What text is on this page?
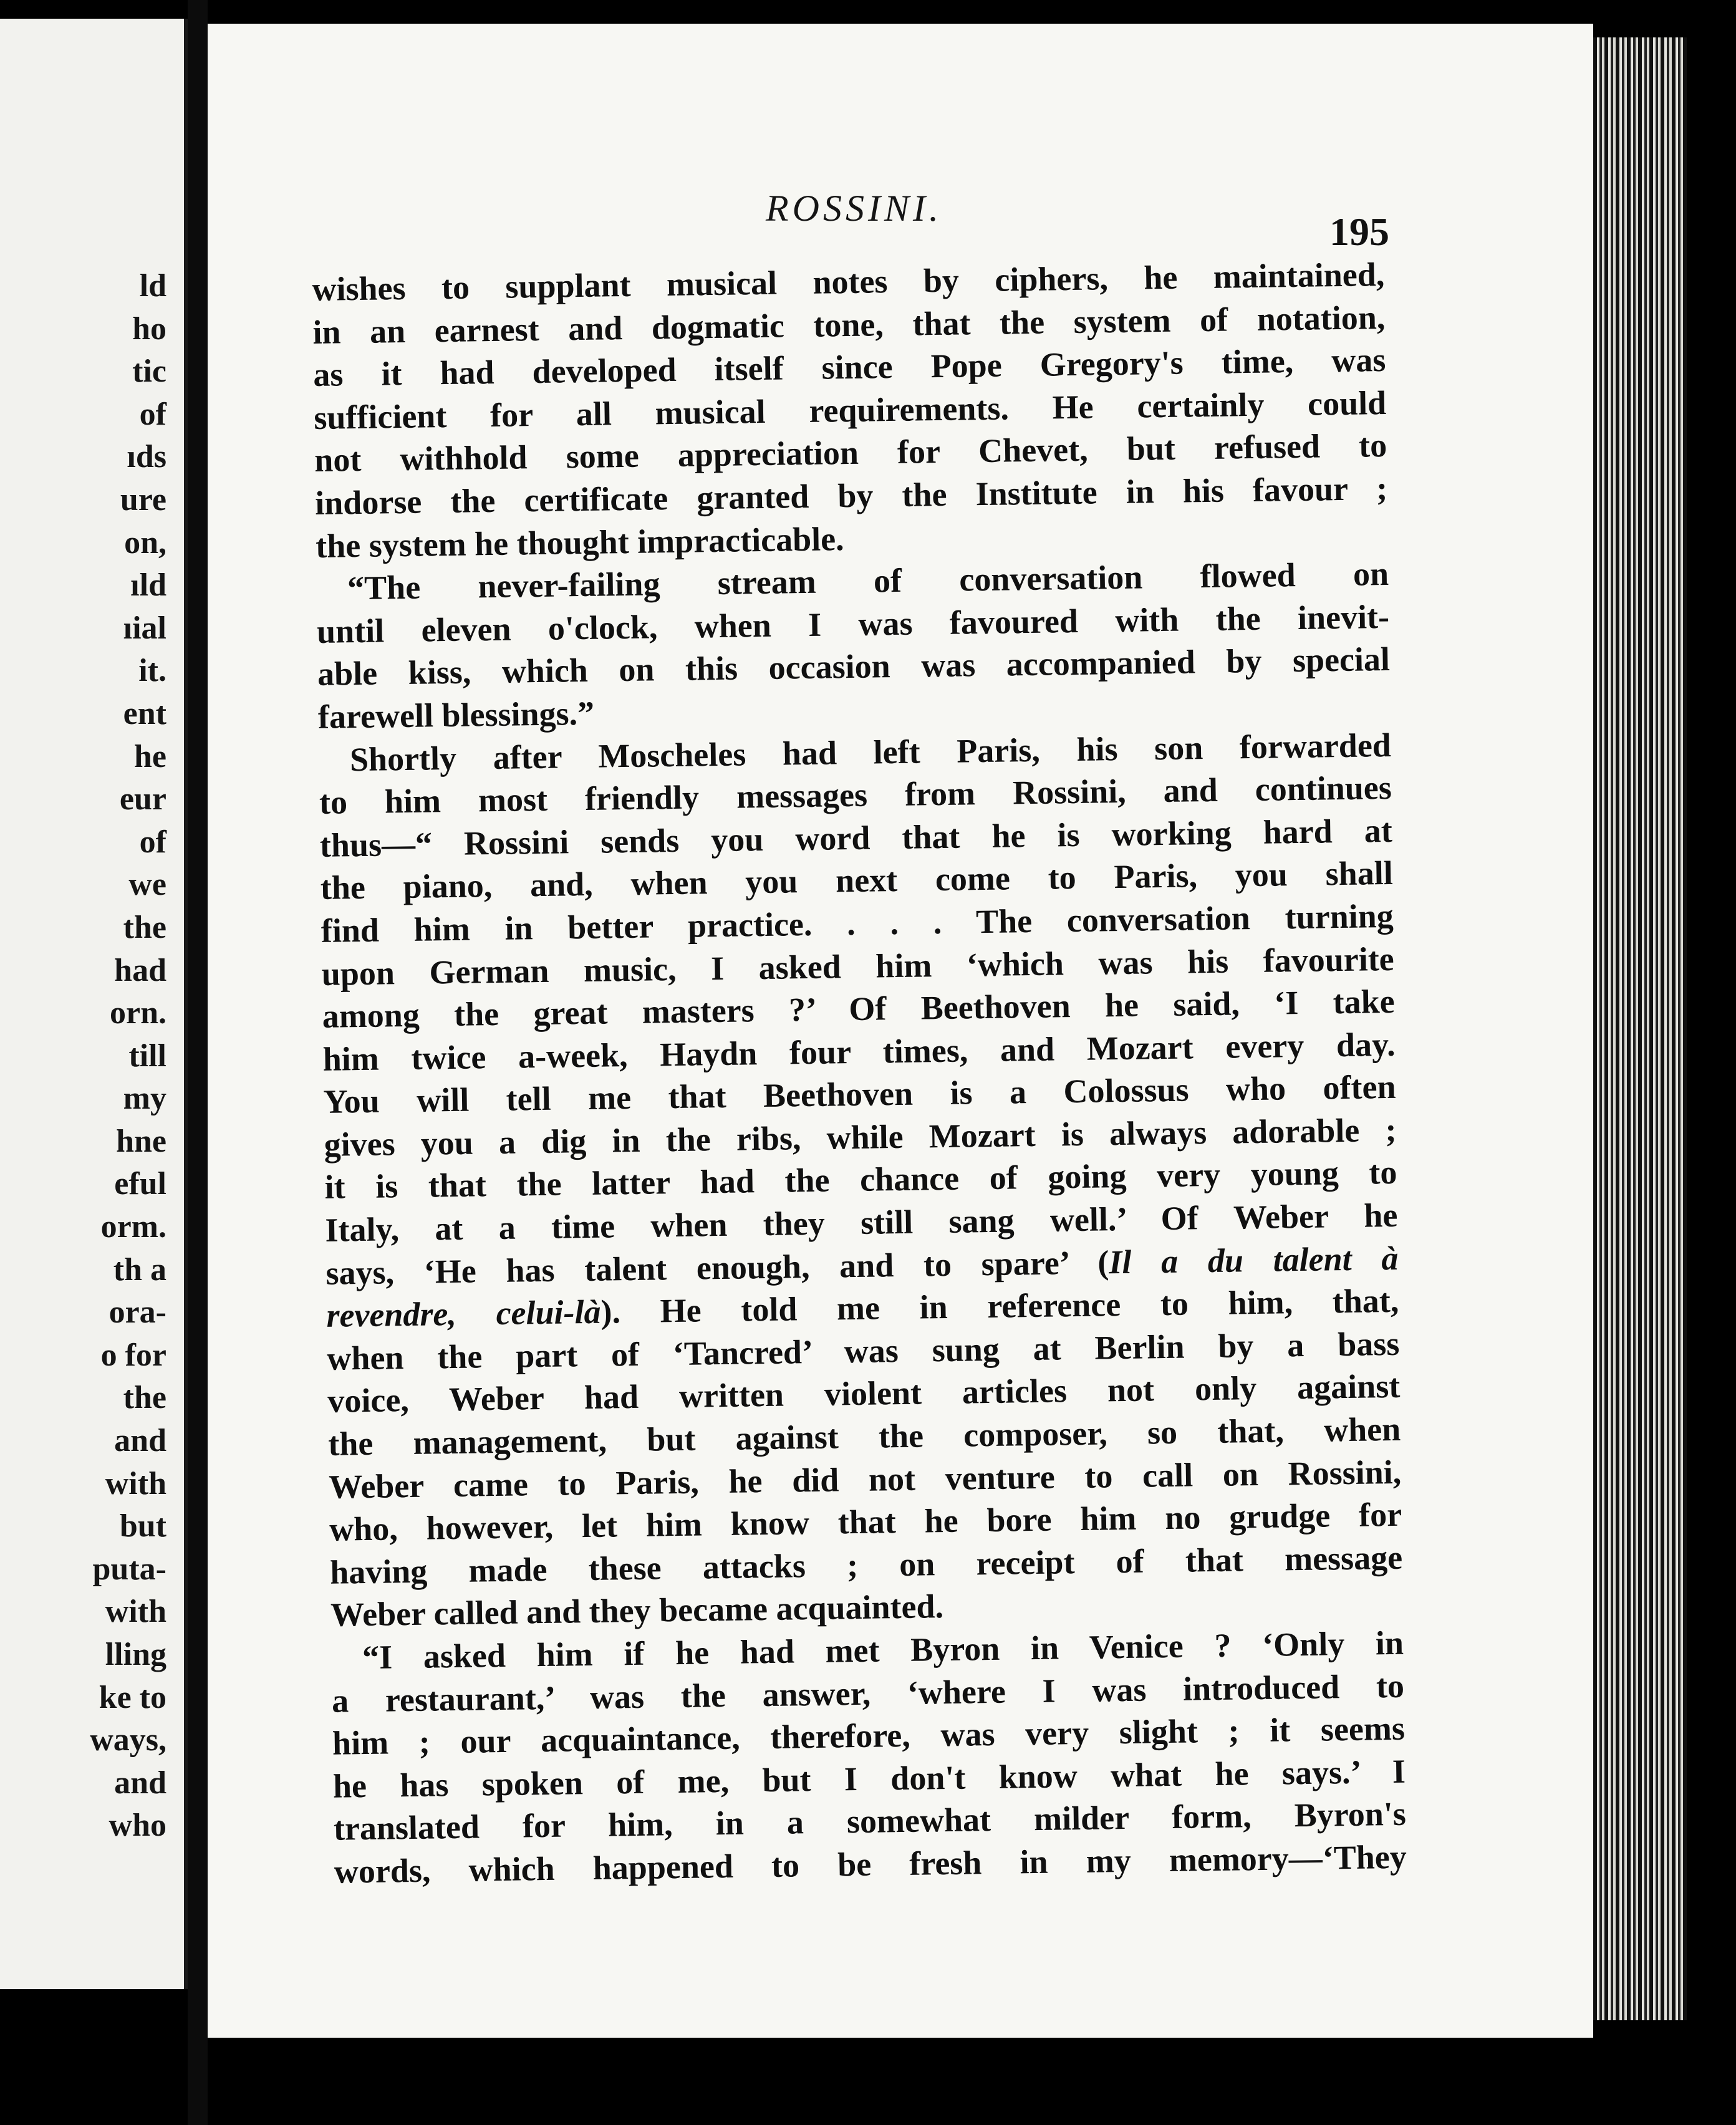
ld
ho
tic
of
ıds
ure
on,
ıld
ıial
it.
ent
he
eur
of
we
the
had
orn.
till
my
hne
eful
orm.
th a
ora-
o for
the
and
with
but
puta-
with
lling
ke to
ways,
and
who
ROSSINI.
195
wishes to supplant musical notes by ciphers, he maintained,
in an earnest and dogmatic tone, that the system of notation,
as it had developed itself since Pope Gregory's time, was
sufficient for all musical requirements. He certainly could
not withhold some appreciation for Chevet, but refused to
indorse the certificate granted by the Institute in his favour ;
the system he thought impracticable.
“The never-failing stream of conversation flowed on
until eleven o'clock, when I was favoured with the inevit-
able kiss, which on this occasion was accompanied by special
farewell blessings.”
Shortly after Moscheles had left Paris, his son forwarded
to him most friendly messages from Rossini, and continues
thus—“ Rossini sends you word that he is working hard at
the piano, and, when you next come to Paris, you shall
find him in better practice. . . . The conversation turning
upon German music, I asked him ‘which was his favourite
among the great masters ?’ Of Beethoven he said, ‘I take
him twice a-week, Haydn four times, and Mozart every day.
You will tell me that Beethoven is a Colossus who often
gives you a dig in the ribs, while Mozart is always adorable ;
it is that the latter had the chance of going very young to
Italy, at a time when they still sang well.’ Of Weber he
says, ‘He has talent enough, and to spare’ (Il a du talent à
revendre, celui-là). He told me in reference to him, that,
when the part of ‘Tancred’ was sung at Berlin by a bass
voice, Weber had written violent articles not only against
the management, but against the composer, so that, when
Weber came to Paris, he did not venture to call on Rossini,
who, however, let him know that he bore him no grudge for
having made these attacks ; on receipt of that message
Weber called and they became acquainted.
“I asked him if he had met Byron in Venice ? ‘Only in
a restaurant,’ was the answer, ‘where I was introduced to
him ; our acquaintance, therefore, was very slight ; it seems
he has spoken of me, but I don't know what he says.’ I
translated for him, in a somewhat milder form, Byron's
words, which happened to be fresh in my memory—‘They
